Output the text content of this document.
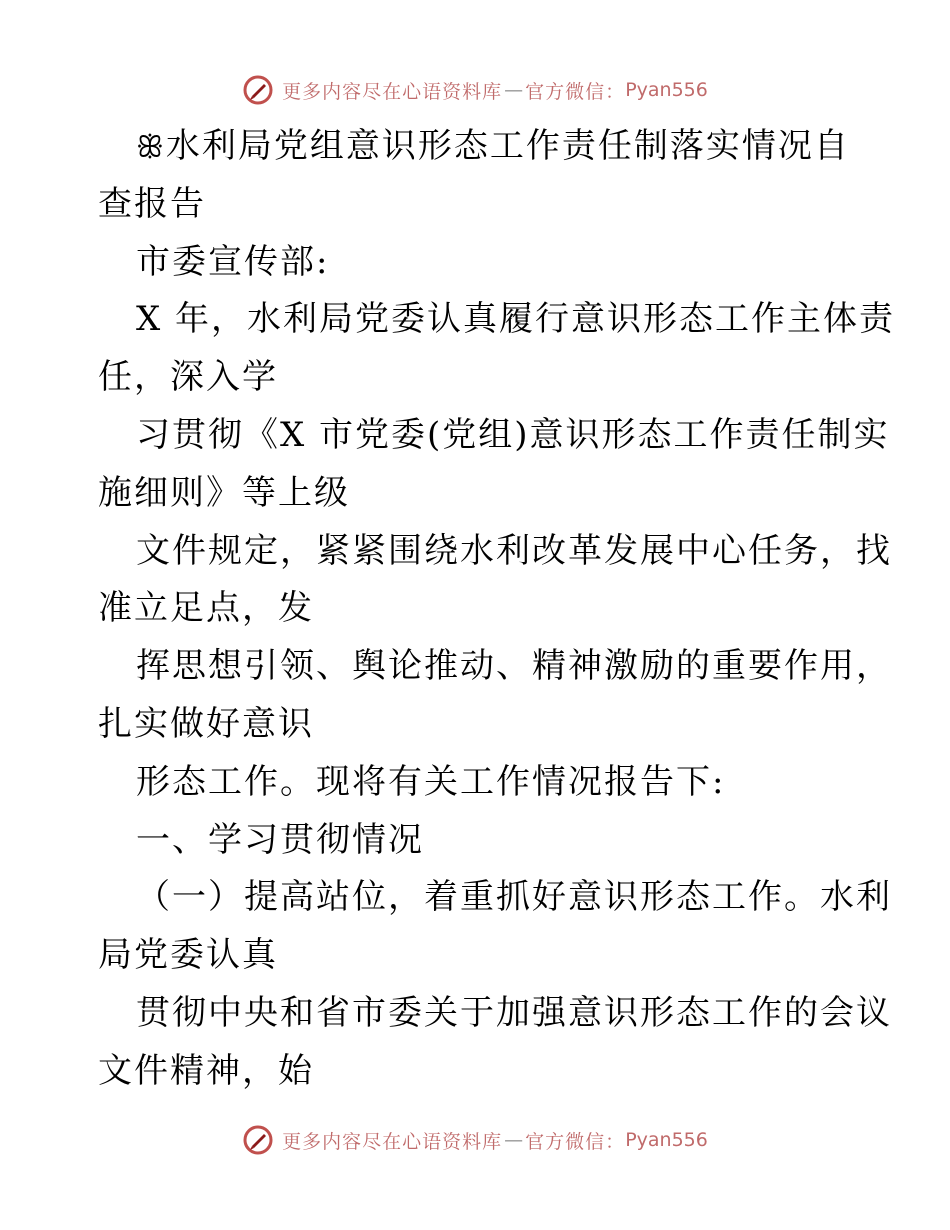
更多内容尽在心语资料库 — 官方微信： Pyan556
ꕥ水利局党组意识形态工作责任制落实情况自
查报告
市委宣传部:
X 年，水利局党委认真履行意识形态工作主体责
任，深入学
习贯彻《X 市党委(党组)意识形态工作责任制实
施细则》等上级
文件规定，紧紧围绕水利改革发展中心任务，找
准立足点，发
挥思想引领、舆论推动、精神激励的重要作用，
扎实做好意识
形态工作。现将有关工作情况报告下:
一、学习贯彻情况
（一）提高站位，着重抓好意识形态工作。水利
局党委认真
贯彻中央和省市委关于加强意识形态工作的会议
文件精神，始
更多内容尽在心语资料库 — 官方微信： Pyan556
